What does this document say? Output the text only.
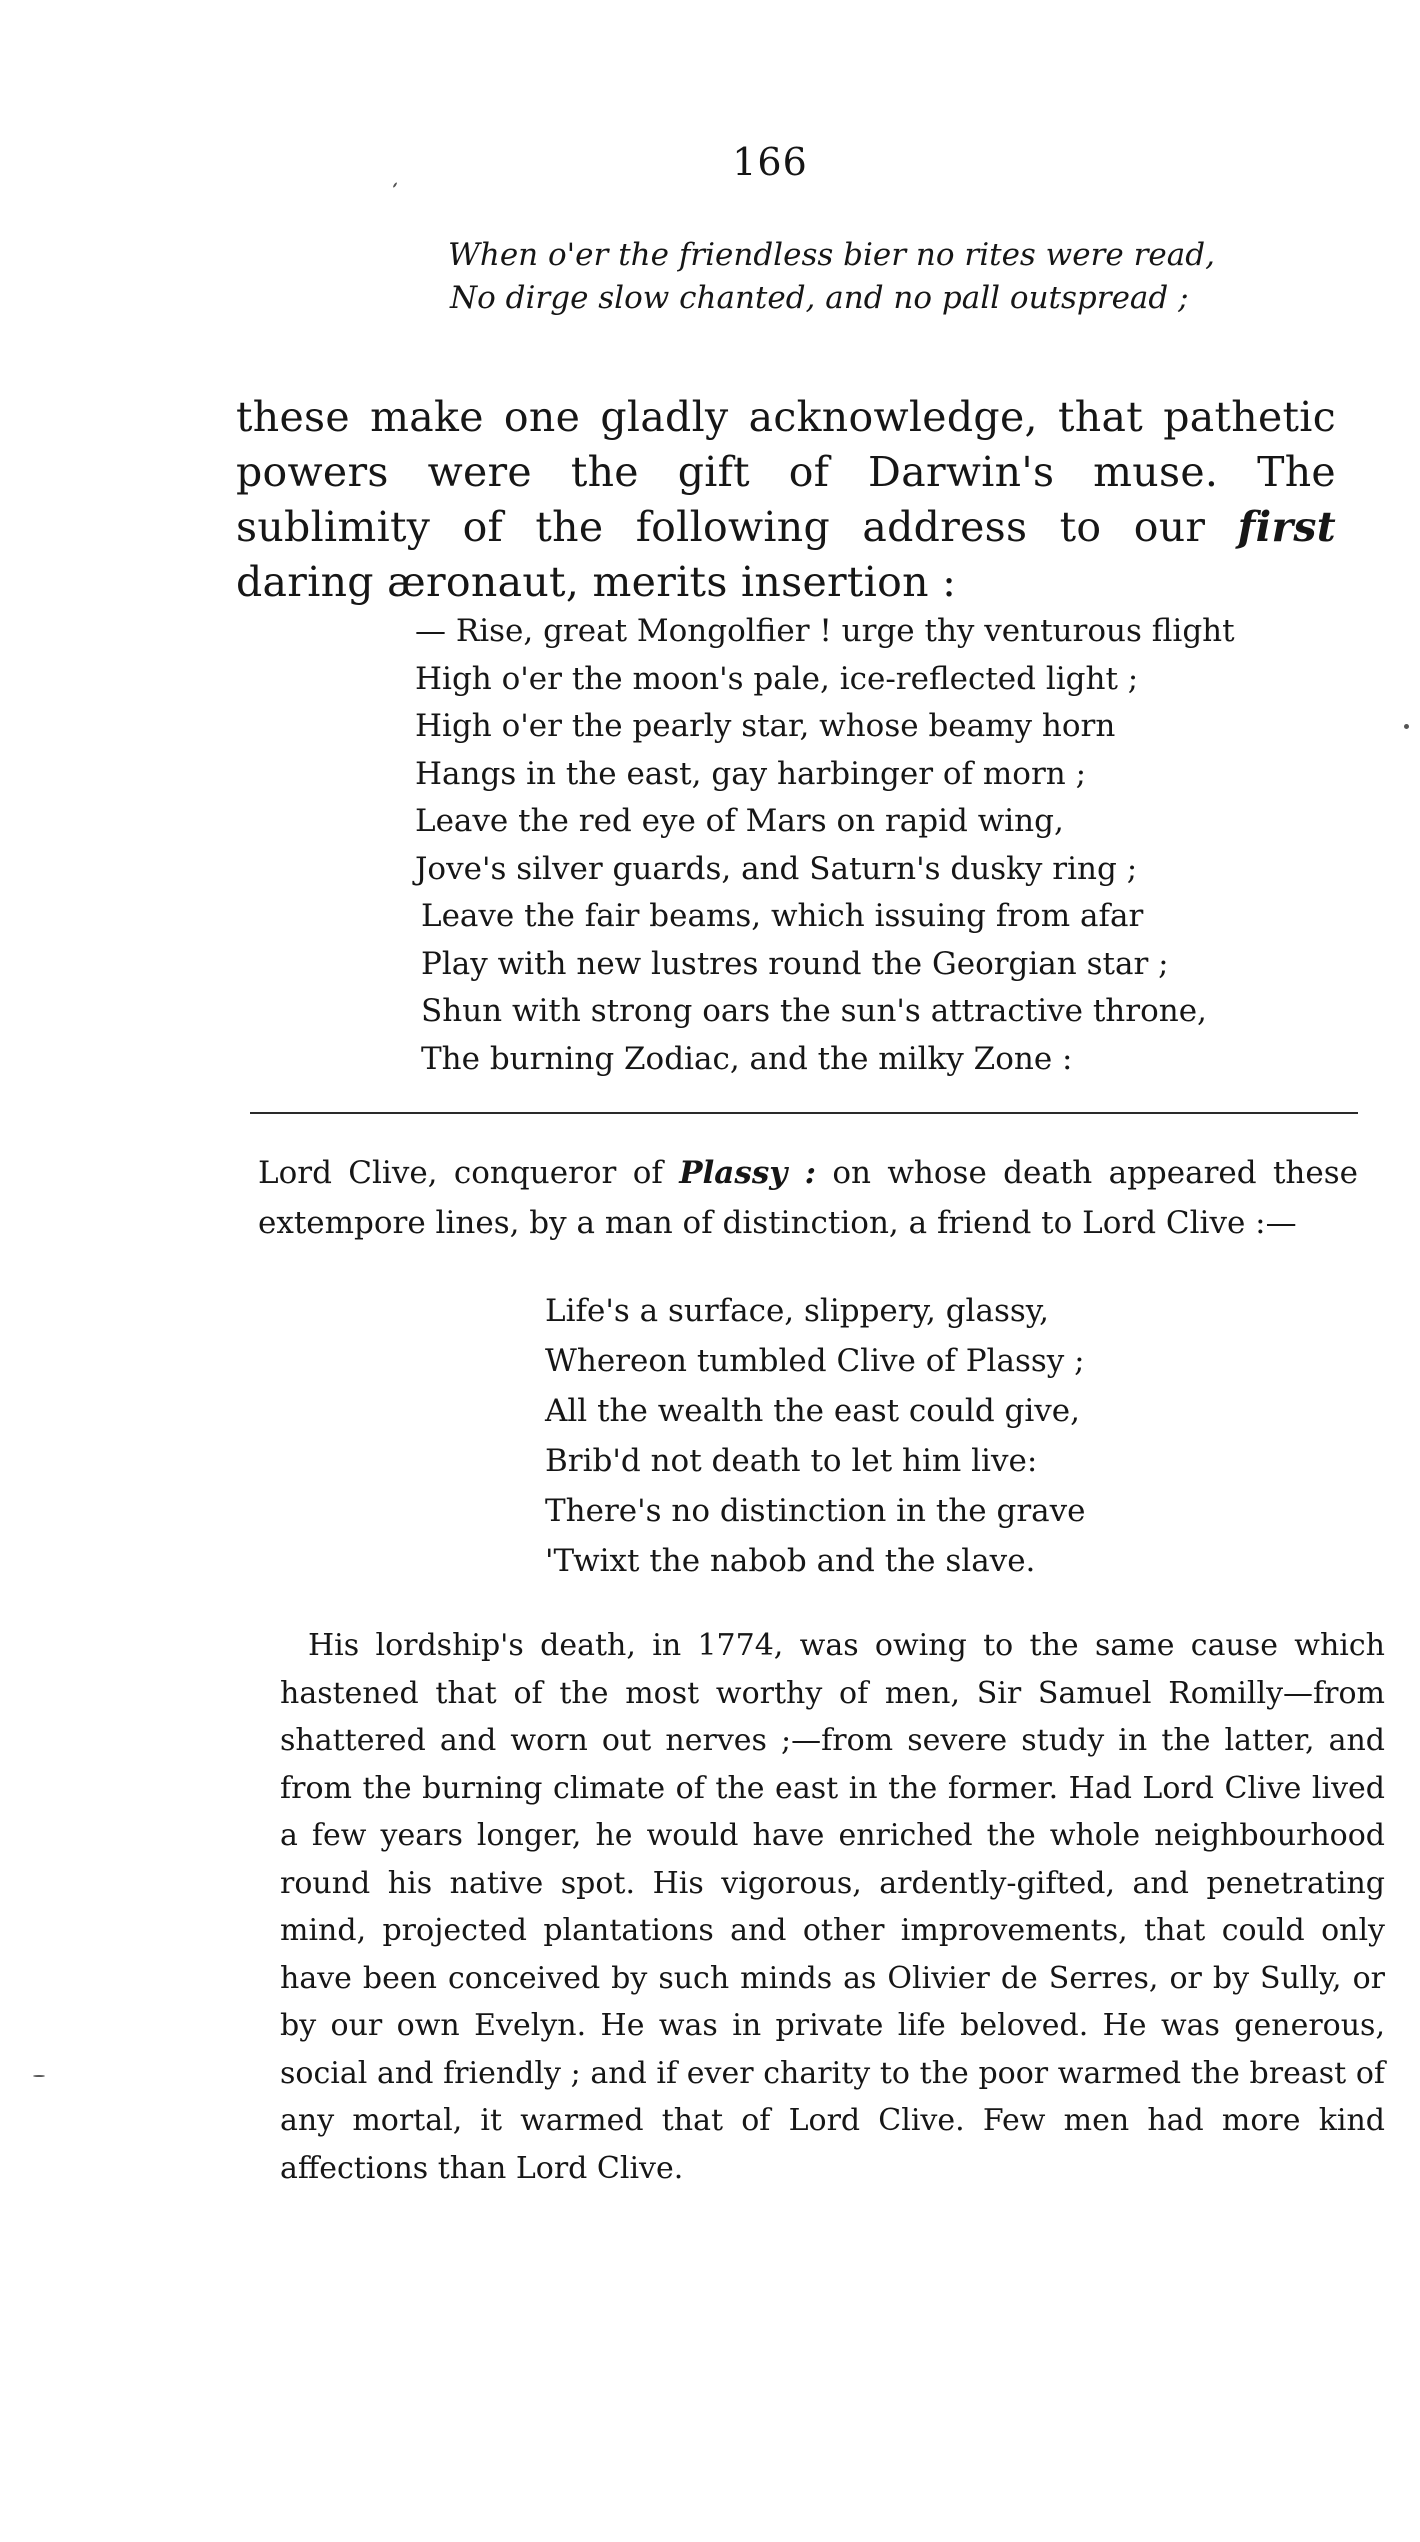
166
When o'er the friendless bier no rites were read,
No dirge slow chanted, and no pall outspread ;

these make one gladly acknowledge, that pathetic powers were the gift of Darwin's muse. The sublimity of the following address to our first daring æronaut, merits insertion :

— Rise, great Mongolfier ! urge thy venturous flight
High o'er the moon's pale, ice-reflected light ;
High o'er the pearly star, whose beamy horn
Hangs in the east, gay harbinger of morn ;
Leave the red eye of Mars on rapid wing,
Jove's silver guards, and Saturn's dusky ring ;
Leave the fair beams, which issuing from afar
Play with new lustres round the Georgian star ;
Shun with strong oars the sun's attractive throne,
The burning Zodiac, and the milky Zone :

Lord Clive, conqueror of Plassy : on whose death appeared these extempore lines, by a man of distinction, a friend to Lord Clive :—

Life's a surface, slippery, glassy,
Whereon tumbled Clive of Plassy ;
All the wealth the east could give,
Brib'd not death to let him live:
There's no distinction in the grave
'Twixt the nabob and the slave.

His lordship's death, in 1774, was owing to the same cause which hastened that of the most worthy of men, Sir Samuel Romilly—from shattered and worn out nerves ;—from severe study in the latter, and from the burning climate of the east in the former. Had Lord Clive lived a few years longer, he would have enriched the whole neighbourhood round his native spot. His vigorous, ardently-gifted, and penetrating mind, projected plantations and other improvements, that could only have been conceived by such minds as Olivier de Serres, or by Sully, or by our own Evelyn. He was in private life beloved. He was generous, social and friendly ; and if ever charity to the poor warmed the breast of any mortal, it warmed that of Lord Clive. Few men had more kind affections than Lord Clive.
